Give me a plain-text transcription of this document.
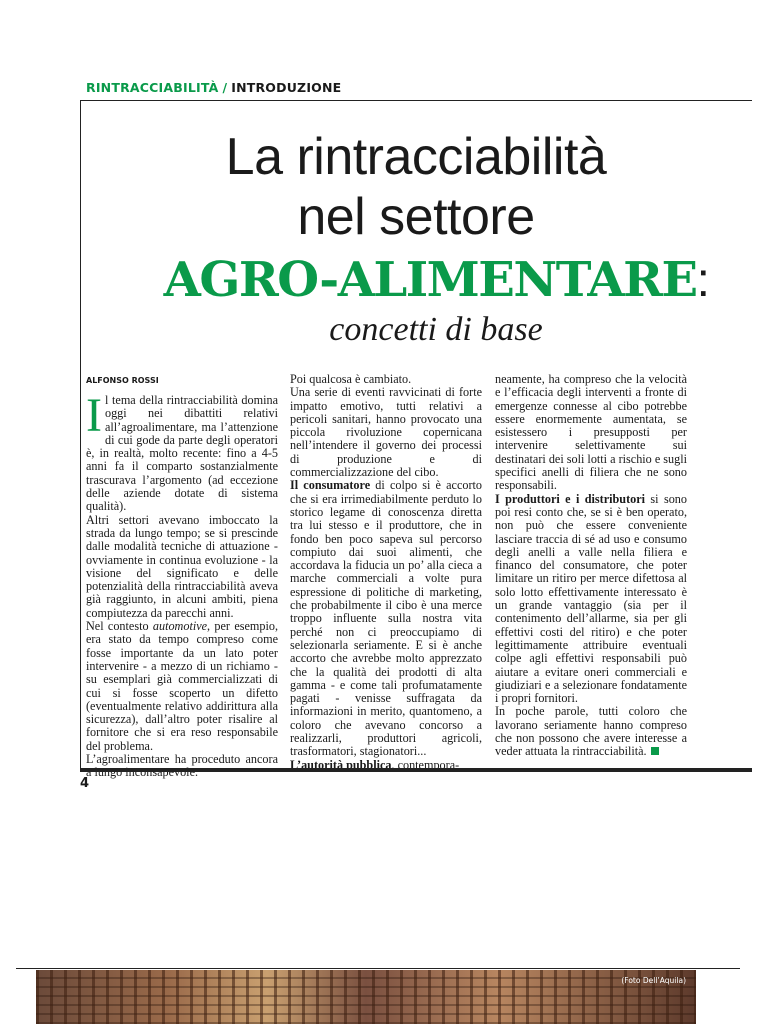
RINTRACCIABILITÀ / INTRODUZIONE
La rintracciabilità
nel settore
AGRO-ALIMENTARE:
concetti di base
ALFONSO ROSSI

Il tema della rintracciabilità domina oggi nei dibattiti relativi all’agroalimentare, ma l’attenzione di cui gode da parte degli operatori è, in realtà, molto recente: fino a 4-5 anni fa il comparto sostanzialmente trascurava l’argomento (ad eccezione delle aziende dotate di sistema qualità).

Altri settori avevano imboccato la strada da lungo tempo; se si prescinde dalle modalità tecniche di attuazione - ovviamente in continua evoluzione - la visione del significato e delle potenzialità della rintracciabilità aveva già raggiunto, in alcuni ambiti, piena compiutezza da parecchi anni.

Nel contesto automotive, per esempio, era stato da tempo compreso come fosse importante da un lato poter intervenire - a mezzo di un richiamo - su esemplari già commercializzati di cui si fosse scoperto un difetto (eventualmente relativo addirittura alla sicurezza), dall’altro poter risalire al fornitore che si era reso responsabile del problema.

L’agroalimentare ha proceduto ancora a lungo inconsapevole.

Poi qualcosa è cambiato.

Una serie di eventi ravvicinati di forte impatto emotivo, tutti relativi a pericoli sanitari, hanno provocato una piccola rivoluzione copernicana nell’intendere il governo dei processi di produzione e di commercializzazione del cibo.

Il consumatore di colpo si è accorto che si era irrimediabilmente perduto lo storico legame di conoscenza diretta tra lui stesso e il produttore, che in fondo ben poco sapeva sul percorso compiuto dai suoi alimenti, che accordava la fiducia un po’ alla cieca a marche commerciali a volte pura espressione di politiche di marketing, che probabilmente il cibo è una merce troppo influente sulla nostra vita perché non ci preoccupiamo di selezionarla seriamente. E si è anche accorto che avrebbe molto apprezzato che la qualità dei prodotti di alta gamma - e come tali profumatamente pagati - venisse suffragata da informazioni in merito, quantomeno, a coloro che avevano concorso a realizzarli, produttori agricoli, trasformatori, stagionatori...

L’autorità pubblica, contempora-

neamente, ha compreso che la velocità e l’efficacia degli interventi a fronte di emergenze connesse al cibo potrebbe essere enormemente aumentata, se esistessero i presupposti per intervenire selettivamente sui destinatari dei soli lotti a rischio e sugli specifici anelli di filiera che ne sono responsabili.

I produttori e i distributori si sono poi resi conto che, se si è ben operato, non può che essere conveniente lasciare traccia di sé ad uso e consumo degli anelli a valle nella filiera e financo del consumatore, che poter limitare un ritiro per merce difettosa al solo lotto effettivamente interessato è un grande vantaggio (sia per il contenimento dell’allarme, sia per gli effettivi costi del ritiro) e che poter legittimamente attribuire eventuali colpe agli effettivi responsabili può aiutare a evitare oneri commerciali e giudiziari e a selezionare fondatamente i propri fornitori.

In poche parole, tutti coloro che lavorano seriamente hanno compreso che non possono che avere interesse a veder attuata la rintracciabilità.

4
(Foto Dell’Aquila)
